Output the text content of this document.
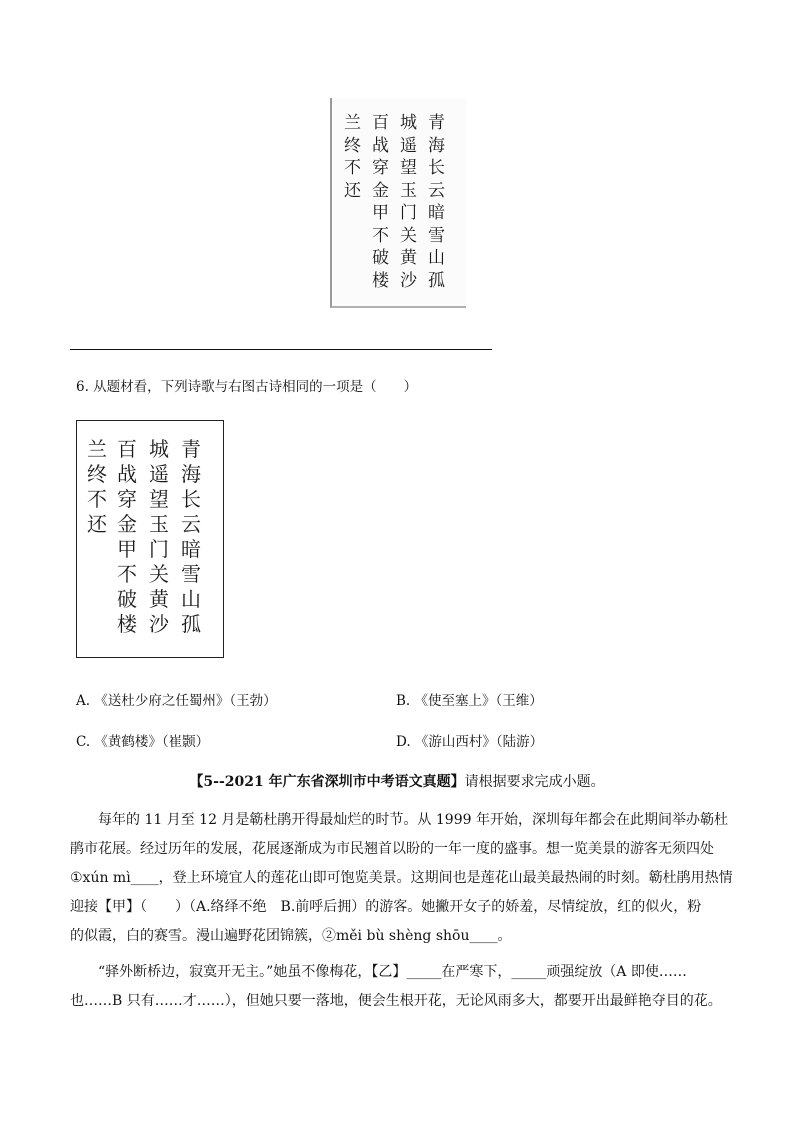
青
海
长
云
暗
雪
山
孤
城
遥
望
玉
门
关
黄
沙
百
战
穿
金
甲
不
破
楼
兰
终
不
还
6. 从题材看，下列诗歌与右图古诗相同的一项是（　　）
青
海
长
云
暗
雪
山
孤
城
遥
望
玉
门
关
黄
沙
百
战
穿
金
甲
不
破
楼
兰
终
不
还
A. 《送杜少府之任蜀州》（王勃）	B. 《使至塞上》（王维）
C. 《黄鹤楼》（崔颢）	D. 《游山西村》（陆游）
【5--2021 年广东省深圳市中考语文真题】请根据要求完成小题。
　　每年的 11 月至 12 月是簕杜鹃开得最灿烂的时节。从 1999 年开始，深圳每年都会在此期间举办簕杜
鹃市花展。经过历年的发展，花展逐渐成为市民翘首以盼的一年一度的盛事。想一览美景的游客无须四处
①xún mì____，登上环境宜人的莲花山即可饱览美景。这期间也是莲花山最美最热闹的时刻。簕杜鹃用热情
迎接【甲】（　　）（A.络绎不绝　B.前呼后拥）的游客。她撇开女子的娇羞，尽情绽放，红的似火，粉
的似霞，白的赛雪。漫山遍野花团锦簇，②měi bù shèng shōu____。
　　“驿外断桥边，寂寞开无主。”她虽不像梅花，【乙】_____在严寒下，_____顽强绽放（A 即使……
也……B 只有……才……），但她只要一落地，便会生根开花，无论风雨多大，都要开出最鲜艳夺目的花。
